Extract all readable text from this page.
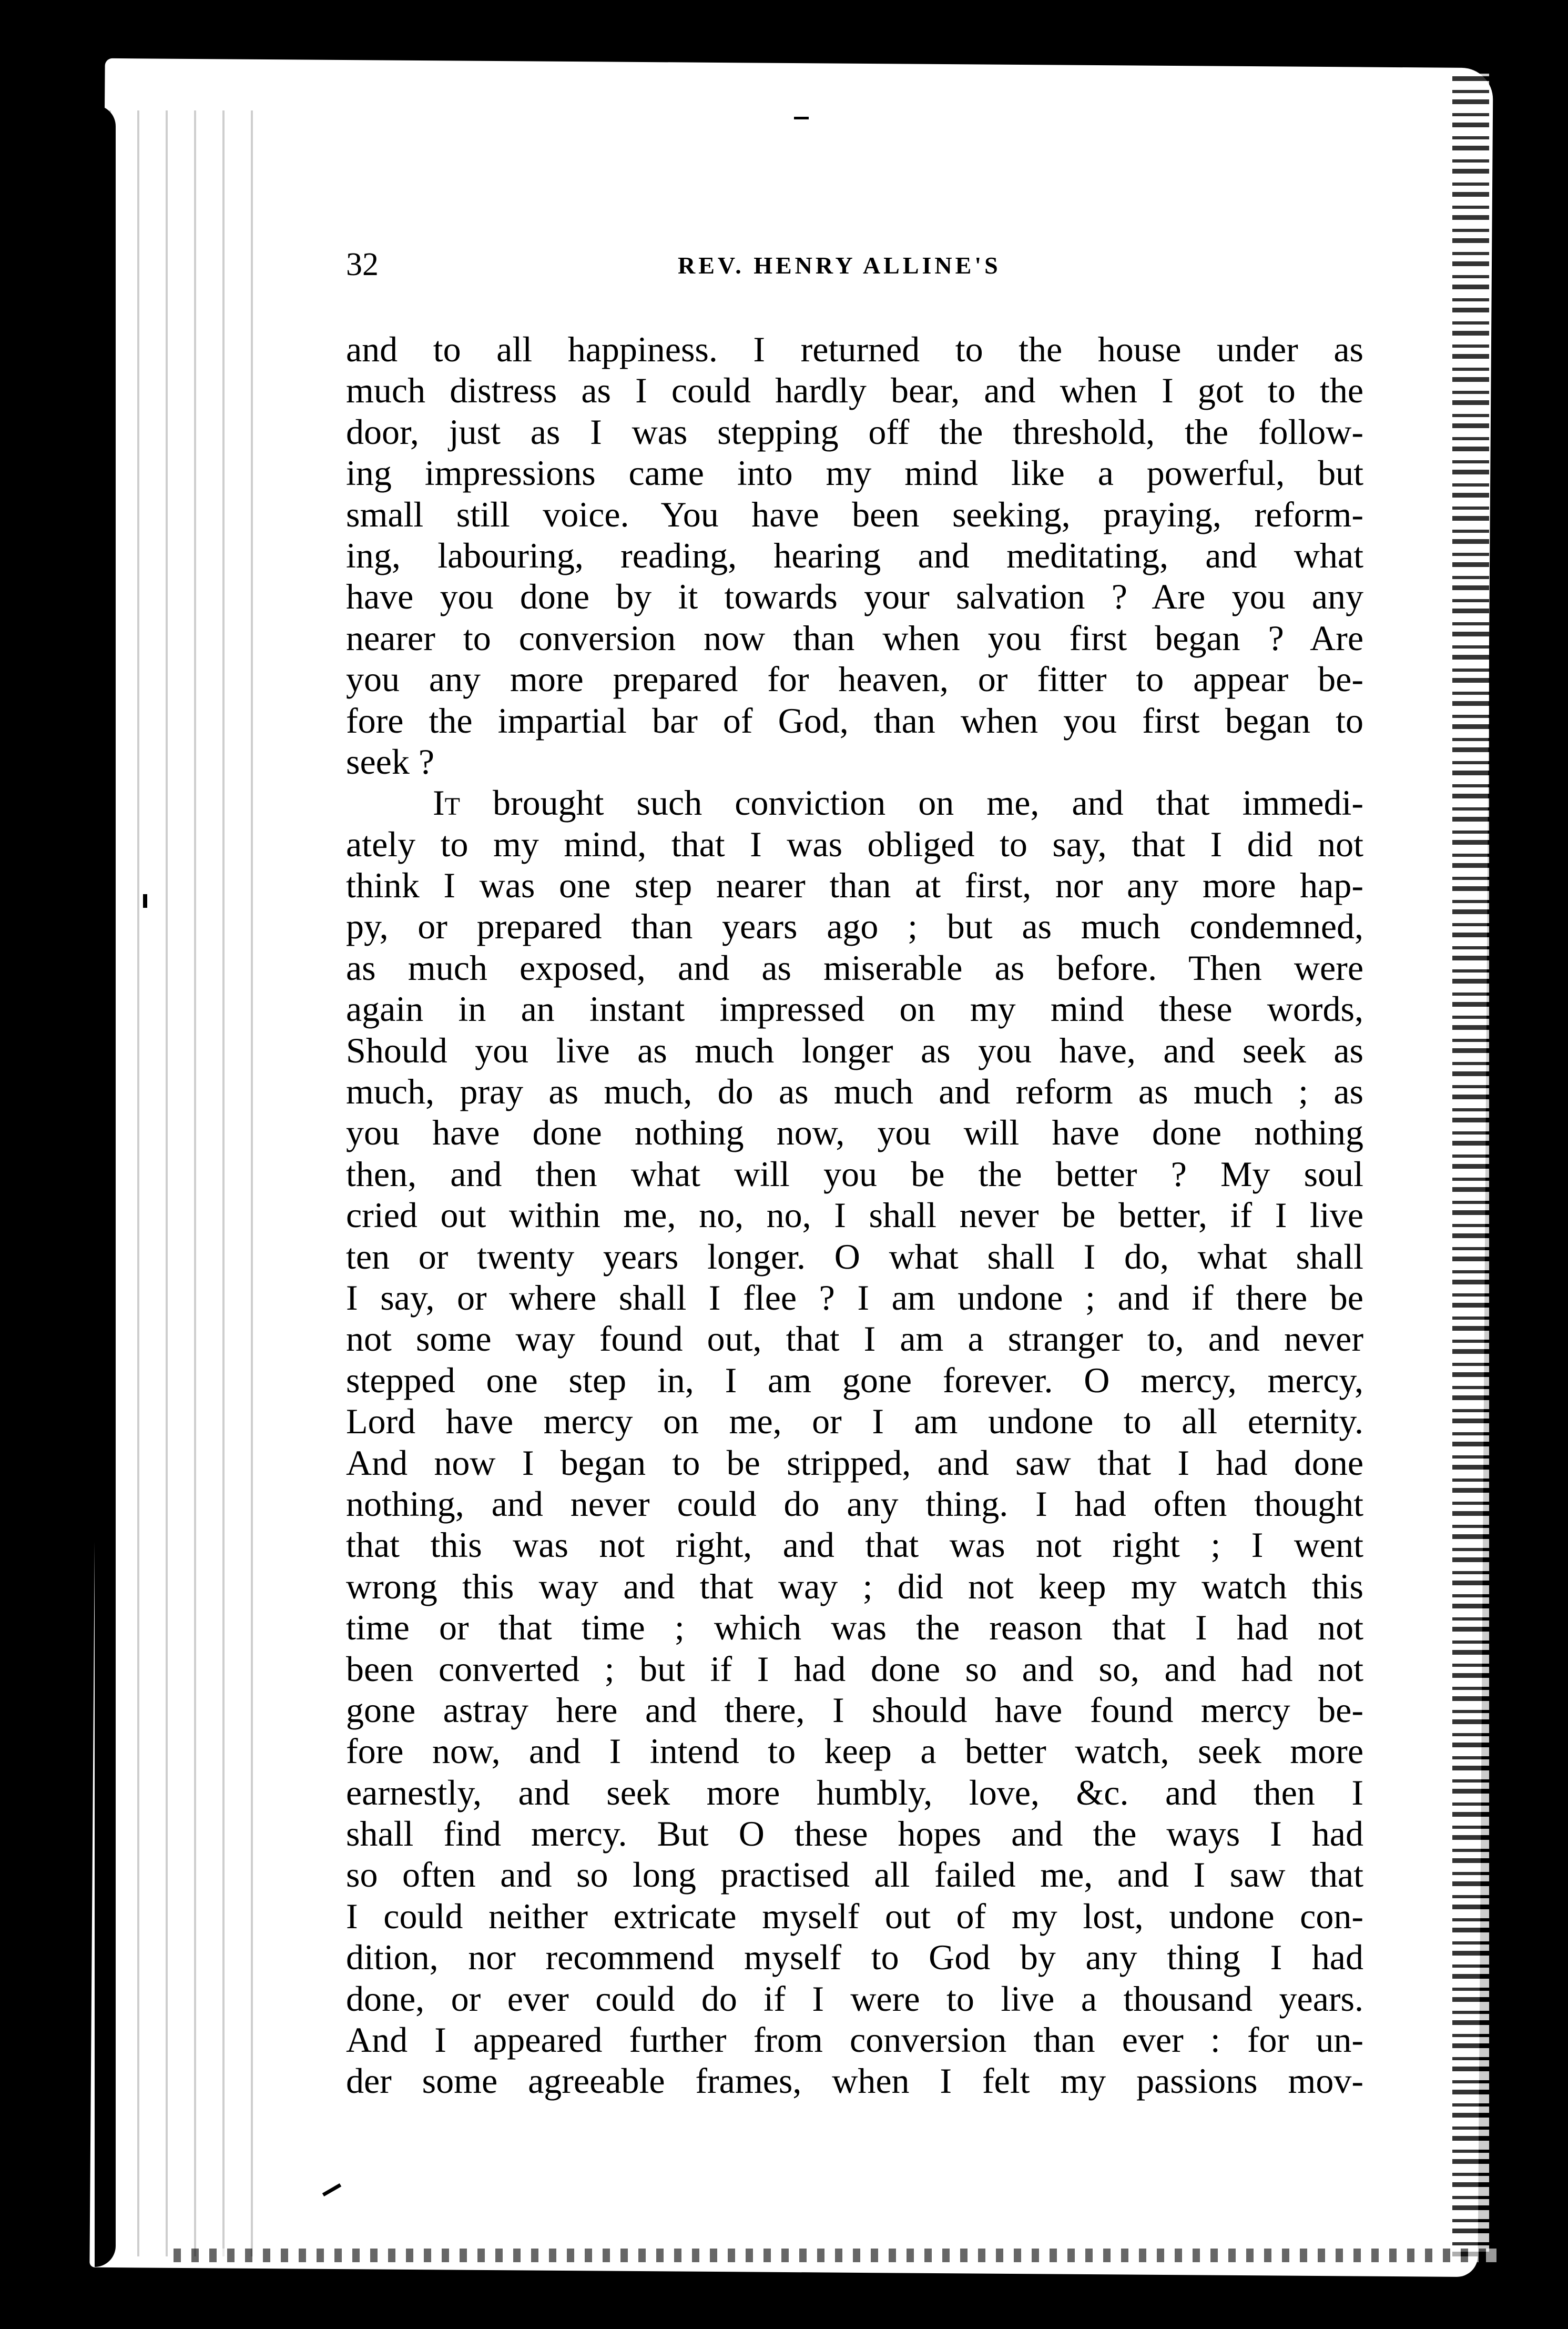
32	REV. HENRY ALLINE'S
and to all happiness. I returned to the house under as
much distress as I could hardly bear, and when I got to the
door, just as I was stepping off the threshold, the follow-
ing impressions came into my mind like a powerful, but
small still voice. You have been seeking, praying, reform-
ing, labouring, reading, hearing and meditating, and what
have you done by it towards your salvation ? Are you any
nearer to conversion now than when you first began ? Are
you any more prepared for heaven, or fitter to appear be-
fore the impartial bar of God, than when you first began to
seek ?
It brought such conviction on me, and that immedi-
ately to my mind, that I was obliged to say, that I did not
think I was one step nearer than at first, nor any more hap-
py, or prepared than years ago ; but as much condemned,
as much exposed, and as miserable as before. Then were
again in an instant impressed on my mind these words,
Should you live as much longer as you have, and seek as
much, pray as much, do as much and reform as much ; as
you have done nothing now, you will have done nothing
then, and then what will you be the better ? My soul
cried out within me, no, no, I shall never be better, if I live
ten or twenty years longer. O what shall I do, what shall
I say, or where shall I flee ? I am undone ; and if there be
not some way found out, that I am a stranger to, and never
stepped one step in, I am gone forever. O mercy, mercy,
Lord have mercy on me, or I am undone to all eternity.
And now I began to be stripped, and saw that I had done
nothing, and never could do any thing. I had often thought
that this was not right, and that was not right ; I went
wrong this way and that way ; did not keep my watch this
time or that time ; which was the reason that I had not
been converted ; but if I had done so and so, and had not
gone astray here and there, I should have found mercy be-
fore now, and I intend to keep a better watch, seek more
earnestly, and seek more humbly, love, &c. and then I
shall find mercy. But O these hopes and the ways I had
so often and so long practised all failed me, and I saw that
I could neither extricate myself out of my lost, undone con-
dition, nor recommend myself to God by any thing I had
done, or ever could do if I were to live a thousand years.
And I appeared further from conversion than ever : for un-
der some agreeable frames, when I felt my passions mov-
